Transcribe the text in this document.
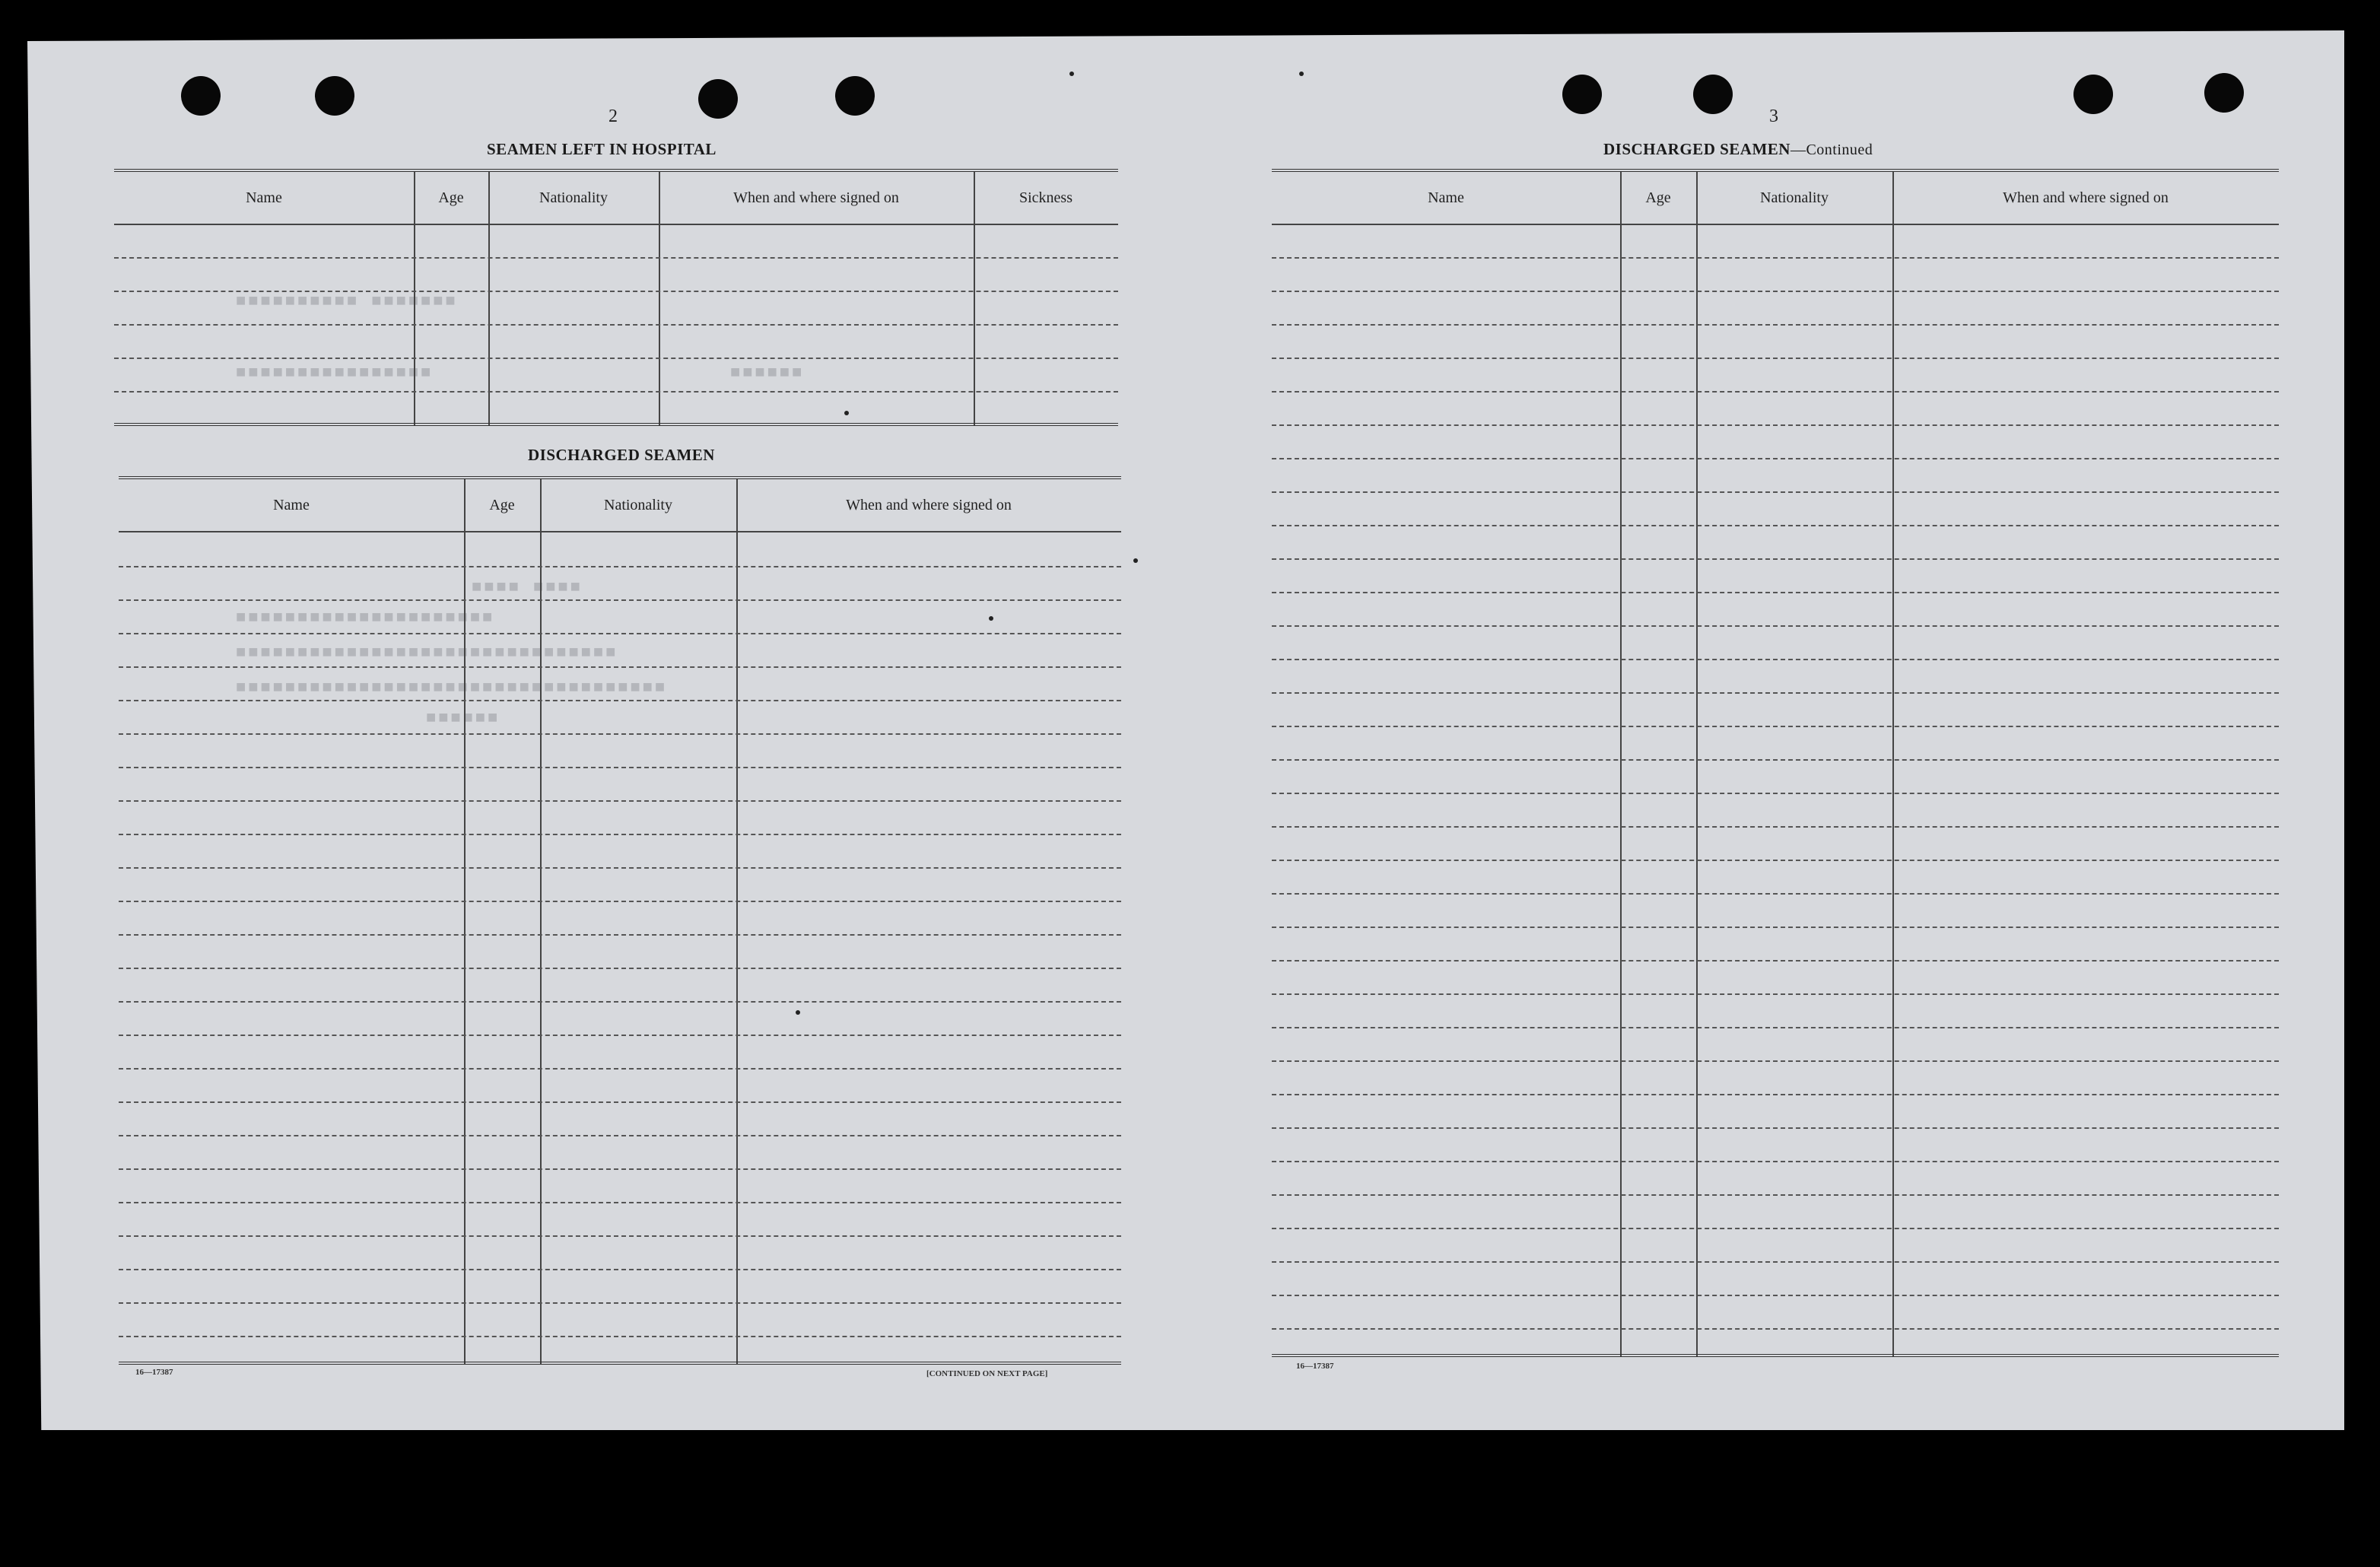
■■■■■■■■■■ ■■■■■■■
■■■■■■■■■■■■■■■■	■■■■■■
■■■■ ■■■■
■■■■■■■■■■■■■■■■■■■■■
■■■■■■■■■■■■■■■■■■■■■■■■■■■■■■■
■■■■■■■■■■■■■■■■■■■■■■■■■■■■■■■■■■■
■■■■■■
2
SEAMEN LEFT IN HOSPITAL
Name	Age	Nationality	When and where signed on	Sickness
DISCHARGED SEAMEN
Name	Age	Nationality	When and where signed on
16—17387	[CONTINUED ON NEXT PAGE]
3
DISCHARGED SEAMEN—Continued
Name	Age	Nationality	When and where signed on
16—17387
